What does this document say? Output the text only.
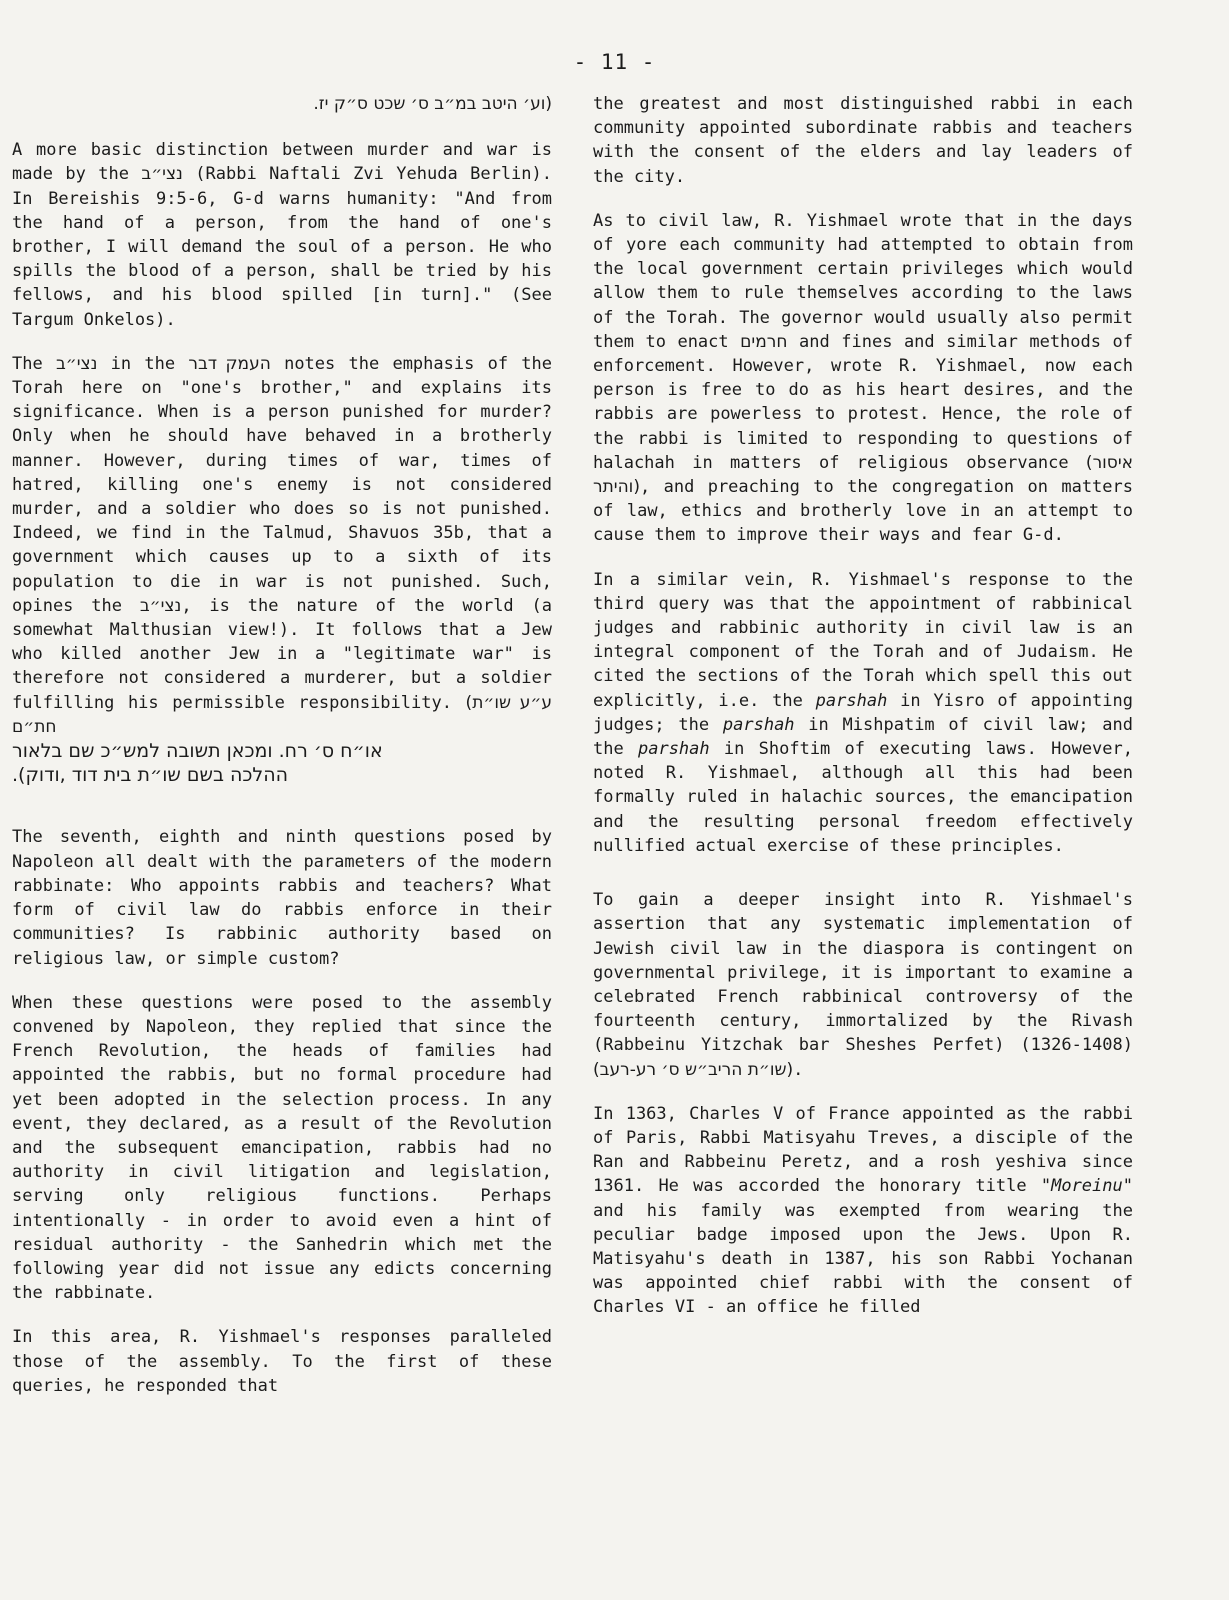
- 11 -

(וע׳ היטב במ״ב ס׳ שכט ס״ק יז.

A more basic distinction between murder and war is made by the נצי״ב (Rabbi Naftali Zvi Yehuda Berlin). In Bereishis 9:5-6, G-d warns humanity: "And from the hand of a person, from the hand of one's brother, I will demand the soul of a person. He who spills the blood of a person, shall be tried by his fellows, and his blood spilled [in turn]." (See Targum Onkelos).

The נצי״ב in the העמק דבר notes the emphasis of the Torah here on "one's brother," and explains its significance. When is a person punished for murder? Only when he should have behaved in a brotherly manner. However, during times of war, times of hatred, killing one's enemy is not considered murder, and a soldier who does so is not punished. Indeed, we find in the Talmud, Shavuos 35b, that a government which causes up to a sixth of its population to die in war is not punished. Such, opines the נצי״ב, is the nature of the world (a somewhat Malthusian view!). It follows that a Jew who killed another Jew in a "legitimate war" is therefore not considered a murderer, but a soldier fulfilling his permissible responsibility. (ע״ע שו״ת חת״ם
או״ח ס׳ רח. ומכאן תשובה למש״כ שם בלאור
ההלכה בשם שו״ת בית דוד ,ודוק).

The seventh, eighth and ninth questions posed by Napoleon all dealt with the parameters of the modern rabbinate: Who appoints rabbis and teachers? What form of civil law do rabbis enforce in their communities? Is rabbinic authority based on religious law, or simple custom?

When these questions were posed to the assembly convened by Napoleon, they replied that since the French Revolution, the heads of families had appointed the rabbis, but no formal procedure had yet been adopted in the selection process. In any event, they declared, as a result of the Revolution and the subsequent emancipation, rabbis had no authority in civil litigation and legislation, serving only religious functions. Perhaps intentionally - in order to avoid even a hint of residual authority - the Sanhedrin which met the following year did not issue any edicts concerning the rabbinate.

In this area, R. Yishmael's responses paralleled those of the assembly. To the first of these queries, he responded that

the greatest and most distinguished rabbi in each community appointed subordinate rabbis and teachers with the consent of the elders and lay leaders of the city.

As to civil law, R. Yishmael wrote that in the days of yore each community had attempted to obtain from the local government certain privileges which would allow them to rule themselves according to the laws of the Torah. The governor would usually also permit them to enact חרמים and fines and similar methods of enforcement. However, wrote R. Yishmael, now each person is free to do as his heart desires, and the rabbis are powerless to protest. Hence, the role of the rabbi is limited to responding to questions of halachah in matters of religious observance (איסור והיתר), and preaching to the congregation on matters of law, ethics and brotherly love in an attempt to cause them to improve their ways and fear G-d.

In a similar vein, R. Yishmael's response to the third query was that the appointment of rabbinical judges and rabbinic authority in civil law is an integral component of the Torah and of Judaism. He cited the sections of the Torah which spell this out explicitly, i.e. the parshah in Yisro of appointing judges; the parshah in Mishpatim of civil law; and the parshah in Shoftim of executing laws. However, noted R. Yishmael, although all this had been formally ruled in halachic sources, the emancipation and the resulting personal freedom effectively nullified actual exercise of these principles.

To gain a deeper insight into R. Yishmael's assertion that any systematic implementation of Jewish civil law in the diaspora is contingent on governmental privilege, it is important to examine a celebrated French rabbinical controversy of the fourteenth century, immortalized by the Rivash (Rabbeinu Yitzchak bar Sheshes Perfet) (1326-1408) (שו״ת הריב״ש ס׳ רע-רעב).

In 1363, Charles V of France appointed as the rabbi of Paris, Rabbi Matisyahu Treves, a disciple of the Ran and Rabbeinu Peretz, and a rosh yeshiva since 1361. He was accorded the honorary title "Moreinu" and his family was exempted from wearing the peculiar badge imposed upon the Jews. Upon R. Matisyahu's death in 1387, his son Rabbi Yochanan was appointed chief rabbi with the consent of Charles VI - an office he filled
